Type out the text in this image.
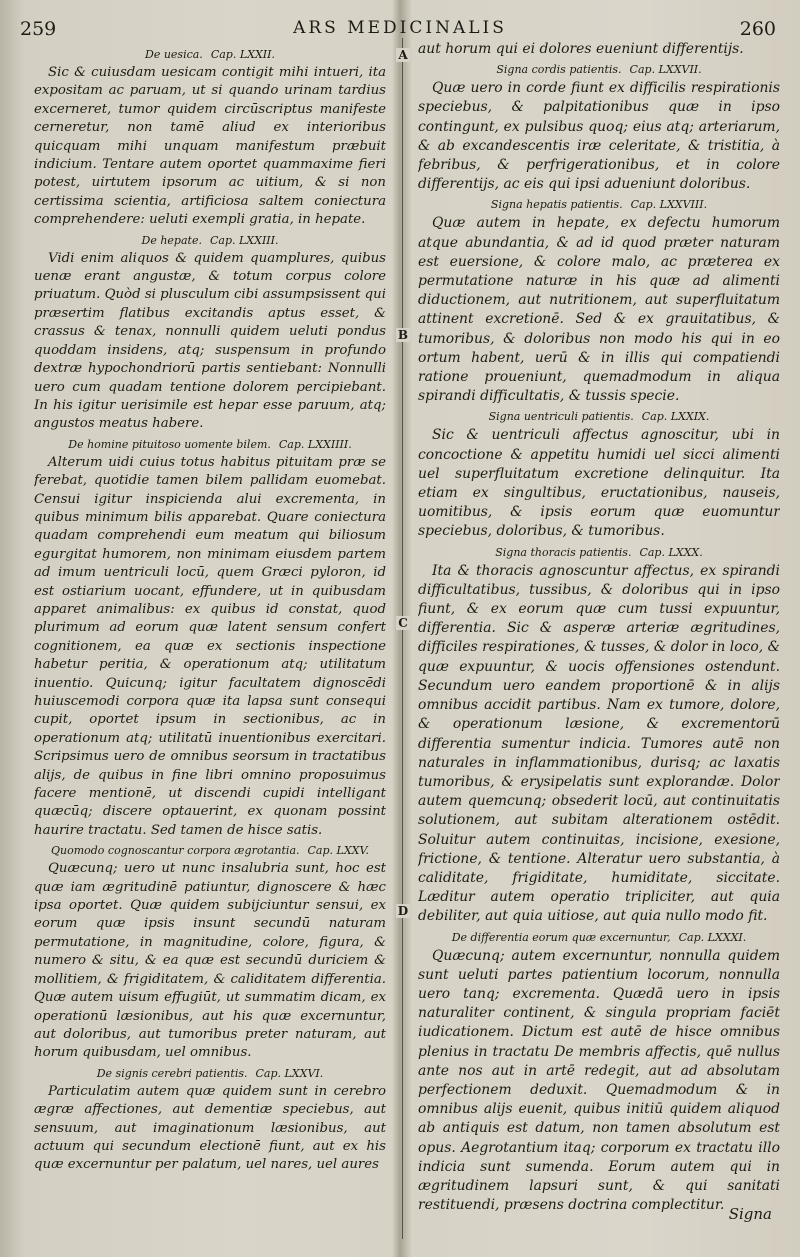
259	ARS MEDICINALIS	260
A
B
C
D

De uesica. Cap. LXXII.

Sic & cuiusdam uesicam contigit mihi intueri, ita expositam ac paruam, ut si quando urinam tardius excerneret, tumor quidem circūscriptus manifeste cerneretur, non tamē aliud ex interioribus quicquam mihi unquam manifestum præbuit indicium. Tentare autem oportet quammaxime fieri potest, uirtutem ipsorum ac uitium, & si non certissima scientia, artificiosa saltem coniectura comprehendere: ueluti exempli gratia, in hepate.

De hepate. Cap. LXXIII.

Vidi enim aliquos & quidem quamplures, quibus uenæ erant angustæ, & totum corpus colore priuatum. Quòd si plusculum cibi assumpsissent qui præsertim flatibus excitandis aptus esset, & crassus & tenax, nonnulli quidem ueluti pondus quoddam insidens, atq; suspensum in profundo dextræ hypochondriorū partis sentiebant: Nonnulli uero cum quadam tentione dolorem percipiebant. In his igitur uerisimile est hepar esse paruum, atq; angustos meatus habere.

De homine pituitoso uomente bilem. Cap. LXXIIII.

Alterum uidi cuius totus habitus pituitam præ se ferebat, quotidie tamen bilem pallidam euomebat. Censui igitur inspicienda alui excrementa, in quibus minimum bilis apparebat. Quare coniectura quadam comprehendi eum meatum qui biliosum egurgitat humorem, non minimam eiusdem partem ad imum uentriculi locū, quem Græci pyloron, id est ostiarium uocant, effundere, ut in quibusdam apparet animalibus: ex quibus id constat, quod plurimum ad eorum quæ latent sensum confert cognitionem, ea quæ ex sectionis inspectione habetur peritia, & operationum atq; utilitatum inuentio. Quicunq; igitur facultatem dignoscēdi huiuscemodi corpora quæ ita lapsa sunt consequi cupit, oportet ipsum in sectionibus, ac in operationum atq; utilitatū inuentionibus exercitari. Scripsimus uero de omnibus seorsum in tractatibus alijs, de quibus in fine libri omnino proposuimus facere mentionē, ut discendi cupidi intelligant quæcūq; discere optauerint, ex quonam possint haurire tractatu. Sed tamen de hisce satis.

Quomodo cognoscantur corpora ægrotantia. Cap. LXXV.

Quæcunq; uero ut nunc insalubria sunt, hoc est quæ iam ægritudinē patiuntur, dignoscere & hæc ipsa oportet. Quæ quidem subijciuntur sensui, ex eorum quæ ipsis insunt secundū naturam permutatione, in magnitudine, colore, figura, & numero & situ, & ea quæ est secundū duriciem & mollitiem, & frigiditatem, & caliditatem differentia. Quæ autem uisum effugiūt, ut summatim dicam, ex operationū læsionibus, aut his quæ excernuntur, aut doloribus, aut tumoribus preter naturam, aut horum quibusdam, uel omnibus.

De signis cerebri patientis. Cap. LXXVI.

Particulatim autem quæ quidem sunt in cerebro ægræ affectiones, aut dementiæ speciebus, aut sensuum, aut imaginationum læsionibus, aut actuum qui secundum electionē fiunt, aut ex his quæ excernuntur per palatum, uel nares, uel aures

aut horum qui ei dolores eueniunt differentijs.

Signa cordis patientis. Cap. LXXVII.

Quæ uero in corde fiunt ex difficilis respirationis speciebus, & palpitationibus quæ in ipso contingunt, ex pulsibus quoq; eius atq; arteriarum, & ab excandescentis iræ celeritate, & tristitia, à febribus, & perfrigerationibus, et in colore differentijs, ac eis qui ipsi adueniunt doloribus.

Signa hepatis patientis. Cap. LXXVIII.

Quæ autem in hepate, ex defectu humorum atque abundantia, & ad id quod præter naturam est euersione, & colore malo, ac præterea ex permutatione naturæ in his quæ ad alimenti diductionem, aut nutritionem, aut superfluitatum attinent excretionē. Sed & ex grauitatibus, & tumoribus, & doloribus non modo his qui in eo ortum habent, uerū & in illis qui compatiendi ratione proueniunt, quemadmodum in aliqua spirandi difficultatis, & tussis specie.

Signa uentriculi patientis. Cap. LXXIX.

Sic & uentriculi affectus agnoscitur, ubi in concoctione & appetitu humidi uel sicci alimenti uel superfluitatum excretione delinquitur. Ita etiam ex singultibus, eructationibus, nauseis, uomitibus, & ipsis eorum quæ euomuntur speciebus, doloribus, & tumoribus.

Signa thoracis patientis. Cap. LXXX.

Ita & thoracis agnoscuntur affectus, ex spirandi difficultatibus, tussibus, & doloribus qui in ipso fiunt, & ex eorum quæ cum tussi expuuntur, differentia. Sic & asperæ arteriæ ægritudines, difficiles respirationes, & tusses, & dolor in loco, & quæ expuuntur, & uocis offensiones ostendunt. Secundum uero eandem proportionē & in alijs omnibus accidit partibus. Nam ex tumore, dolore, & operationum læsione, & excrementorū differentia sumentur indicia. Tumores autē non naturales in inflammationibus, durisq; ac laxatis tumoribus, & erysipelatis sunt explorandæ. Dolor autem quemcunq; obsederit locū, aut continuitatis solutionem, aut subitam alterationem ostēdit. Soluitur autem continuitas, incisione, exesione, frictione, & tentione. Alteratur uero substantia, à caliditate, frigiditate, humiditate, siccitate. Læditur autem operatio tripliciter, aut quia debiliter, aut quia uitiose, aut quia nullo modo fit.

De differentia eorum quæ excernuntur, Cap. LXXXI.

Quæcunq; autem excernuntur, nonnulla quidem sunt ueluti partes patientium locorum, nonnulla uero tanq; excrementa. Quædā uero in ipsis naturaliter continent, & singula propriam faciēt iudicationem. Dictum est autē de hisce omnibus plenius in tractatu De membris affectis, quē nullus ante nos aut in artē redegit, aut ad absolutam perfectionem deduxit. Quemadmodum & in omnibus alijs euenit, quibus initiū quidem aliquod ab antiquis est datum, non tamen absolutum est opus. Aegrotantium itaq; corporum ex tractatu illo indicia sunt sumenda. Eorum autem qui in ægritudinem lapsuri sunt, & qui sanitati restituendi, præsens doctrina complectitur. Signa
